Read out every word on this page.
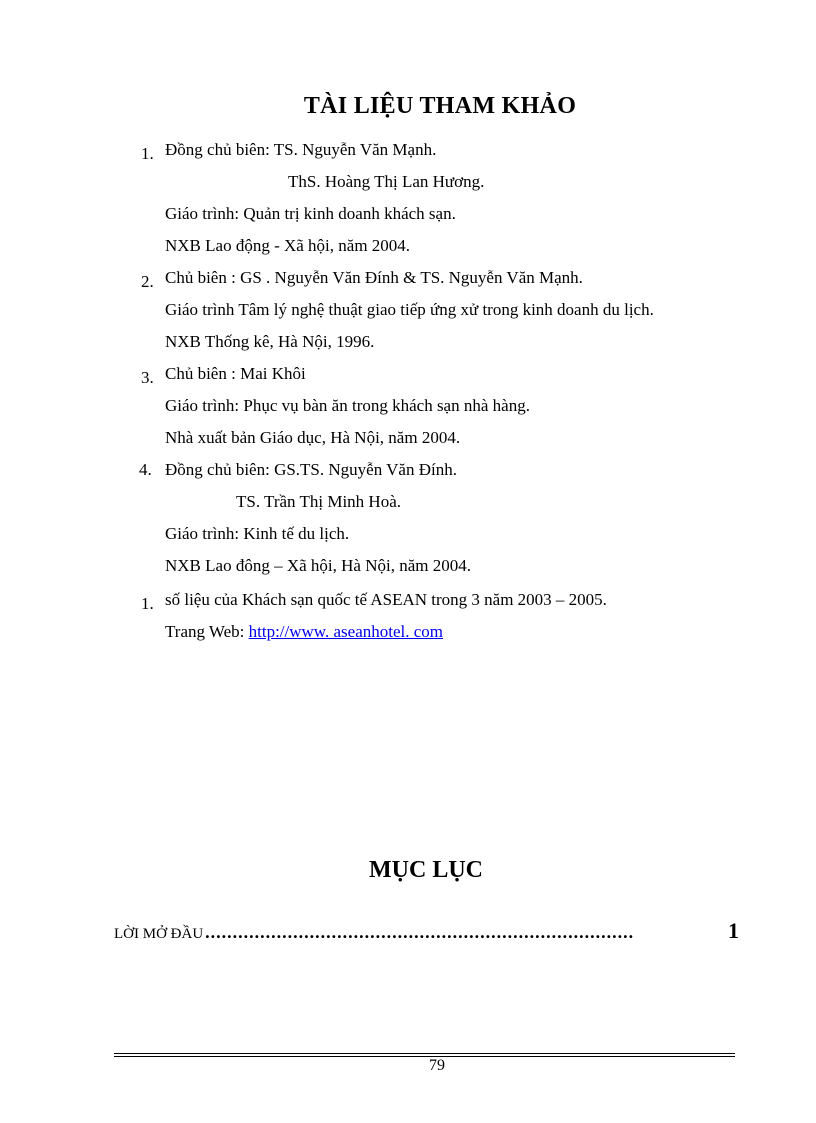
TÀI LIỆU THAM KHẢO
1. Đồng chủ biên: TS. Nguyễn Văn Mạnh.
ThS. Hoàng Thị Lan Hương.
Giáo trình: Quản trị kinh doanh khách sạn.
NXB Lao động - Xã hội, năm 2004.
2. Chủ biên : GS . Nguyễn Văn Đính & TS. Nguyễn Văn Mạnh.
Giáo trình Tâm lý nghệ thuật giao tiếp ứng xử trong kinh doanh du lịch.
NXB Thống kê, Hà Nội, 1996.
3. Chủ biên : Mai Khôi
Giáo trình: Phục vụ bàn ăn trong khách sạn nhà hàng.
Nhà xuất bản Giáo dục, Hà Nội, năm 2004.
4. Đồng chủ biên: GS.TS. Nguyễn Văn Đính.
TS. Trần Thị Minh Hoà.
Giáo trình: Kinh tế du lịch.
NXB Lao đông – Xã hội, Hà Nội, năm 2004.
1. số liệu của Khách sạn quốc tế ASEAN trong 3 năm 2003 – 2005.
Trang Web: http://www. aseanhotel. com
MỤC LỤC
LỜI MỞ ĐẦU ..............................................................................	1
79
